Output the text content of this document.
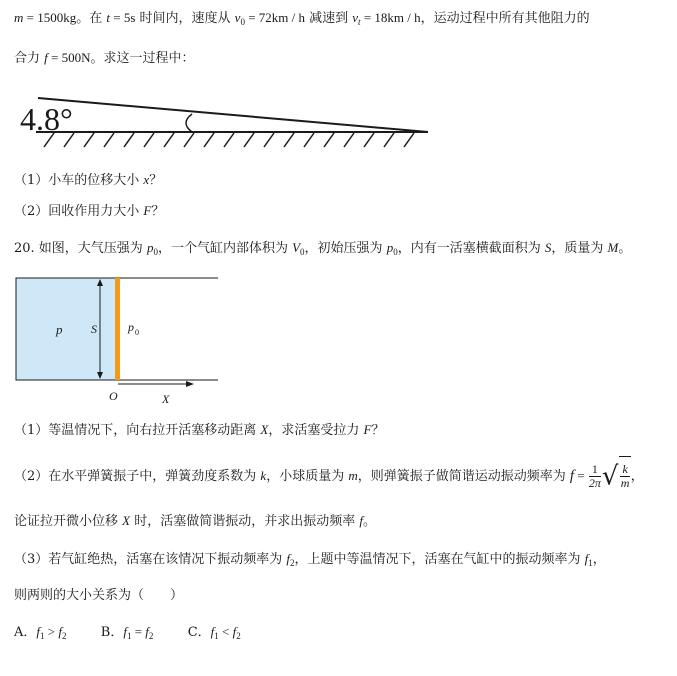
m = 1500kg。在 t = 5s 时间内，速度从 $v_0 = 72km / h$ 减速到 $v_t = 18km / h$，运动过程中所有其他阻力的
合力 f = 500N。求这一过程中：
4.8°
（1）小车的位移大小 x？
（2）回收作用力大小 F？
20. 如图，大气压强为 $p_0$，一个气缸内部体积为 $V_0$，初始压强为 $p_0$，内有一活塞横截面积为 S，质量为 M。
p S	p 0
O	X
（1）等温情况下，向右拉开活塞移动距离 X，求活塞受拉力 F？
（2）在水平弹簧振子中，弹簧劲度系数为 k，小球质量为 m，则弹簧振子做简谐运动振动频率为 $f = \frac{1}{2\pi}$ √ $\frac{k}{m}$ ，
论证拉开微小位移 X 时，活塞做简谐振动，并求出振动频率 f。
（3）若气缸绝热，活塞在该情况下振动频率为 $f_2$，上题中等温情况下，活塞在气缸中的振动频率为 $f_1$，
则两则的大小关系为（　　）
A．$f_1 > f_2$	B．$f_1 = f_2$	C．$f_1 < f_2$
